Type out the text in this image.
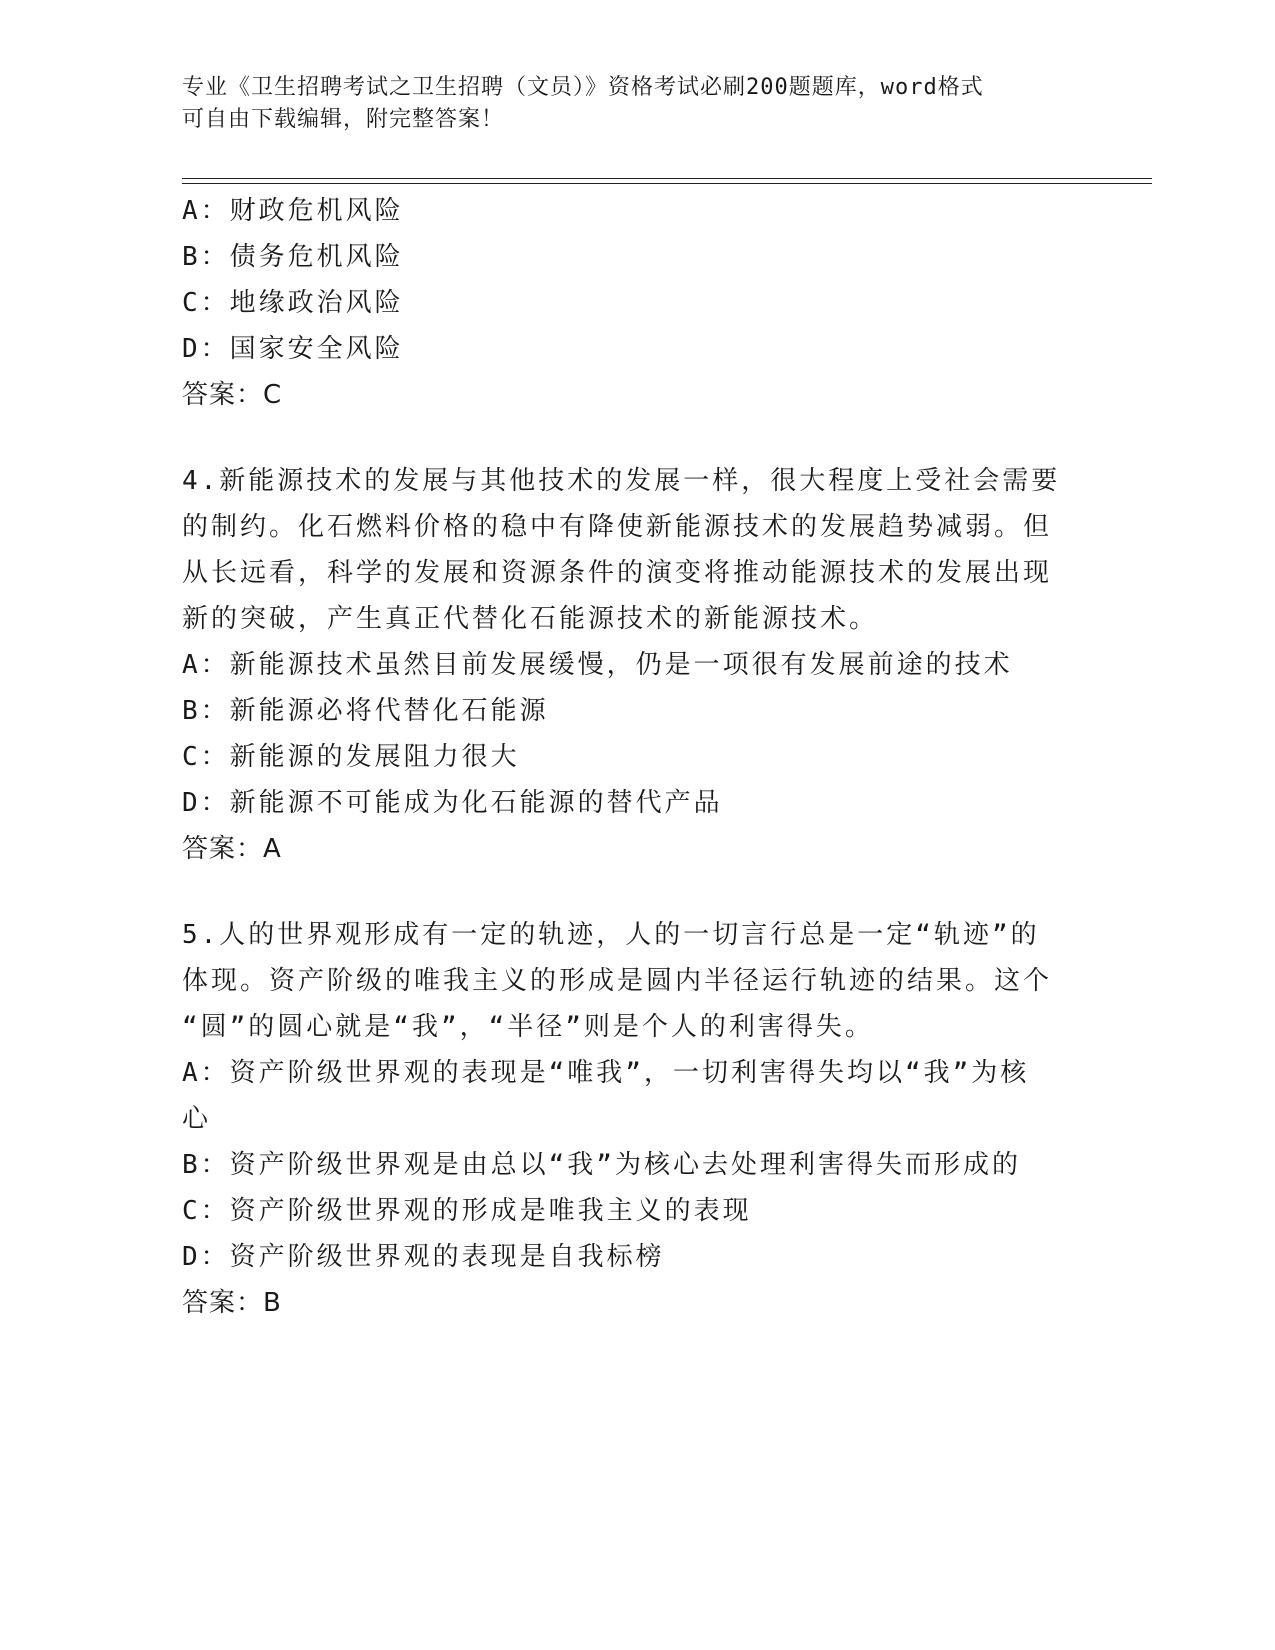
专业《卫生招聘考试之卫生招聘（文员）》资格考试必刷200题题库，word格式
可自由下载编辑，附完整答案！
A：财政危机风险
B：债务危机风险
C：地缘政治风险
D：国家安全风险
答案：C
4.新能源技术的发展与其他技术的发展一样，很大程度上受社会需要
的制约。化石燃料价格的稳中有降使新能源技术的发展趋势减弱。但
从长远看，科学的发展和资源条件的演变将推动能源技术的发展出现
新的突破，产生真正代替化石能源技术的新能源技术。
A：新能源技术虽然目前发展缓慢，仍是一项很有发展前途的技术
B：新能源必将代替化石能源
C：新能源的发展阻力很大
D：新能源不可能成为化石能源的替代产品
答案：A
5.人的世界观形成有一定的轨迹，人的一切言行总是一定“轨迹”的
体现。资产阶级的唯我主义的形成是圆内半径运行轨迹的结果。这个
“圆”的圆心就是“我”，“半径”则是个人的利害得失。
A：资产阶级世界观的表现是“唯我”，一切利害得失均以“我”为核
心
B：资产阶级世界观是由总以“我”为核心去处理利害得失而形成的
C：资产阶级世界观的形成是唯我主义的表现
D：资产阶级世界观的表现是自我标榜
答案：B
